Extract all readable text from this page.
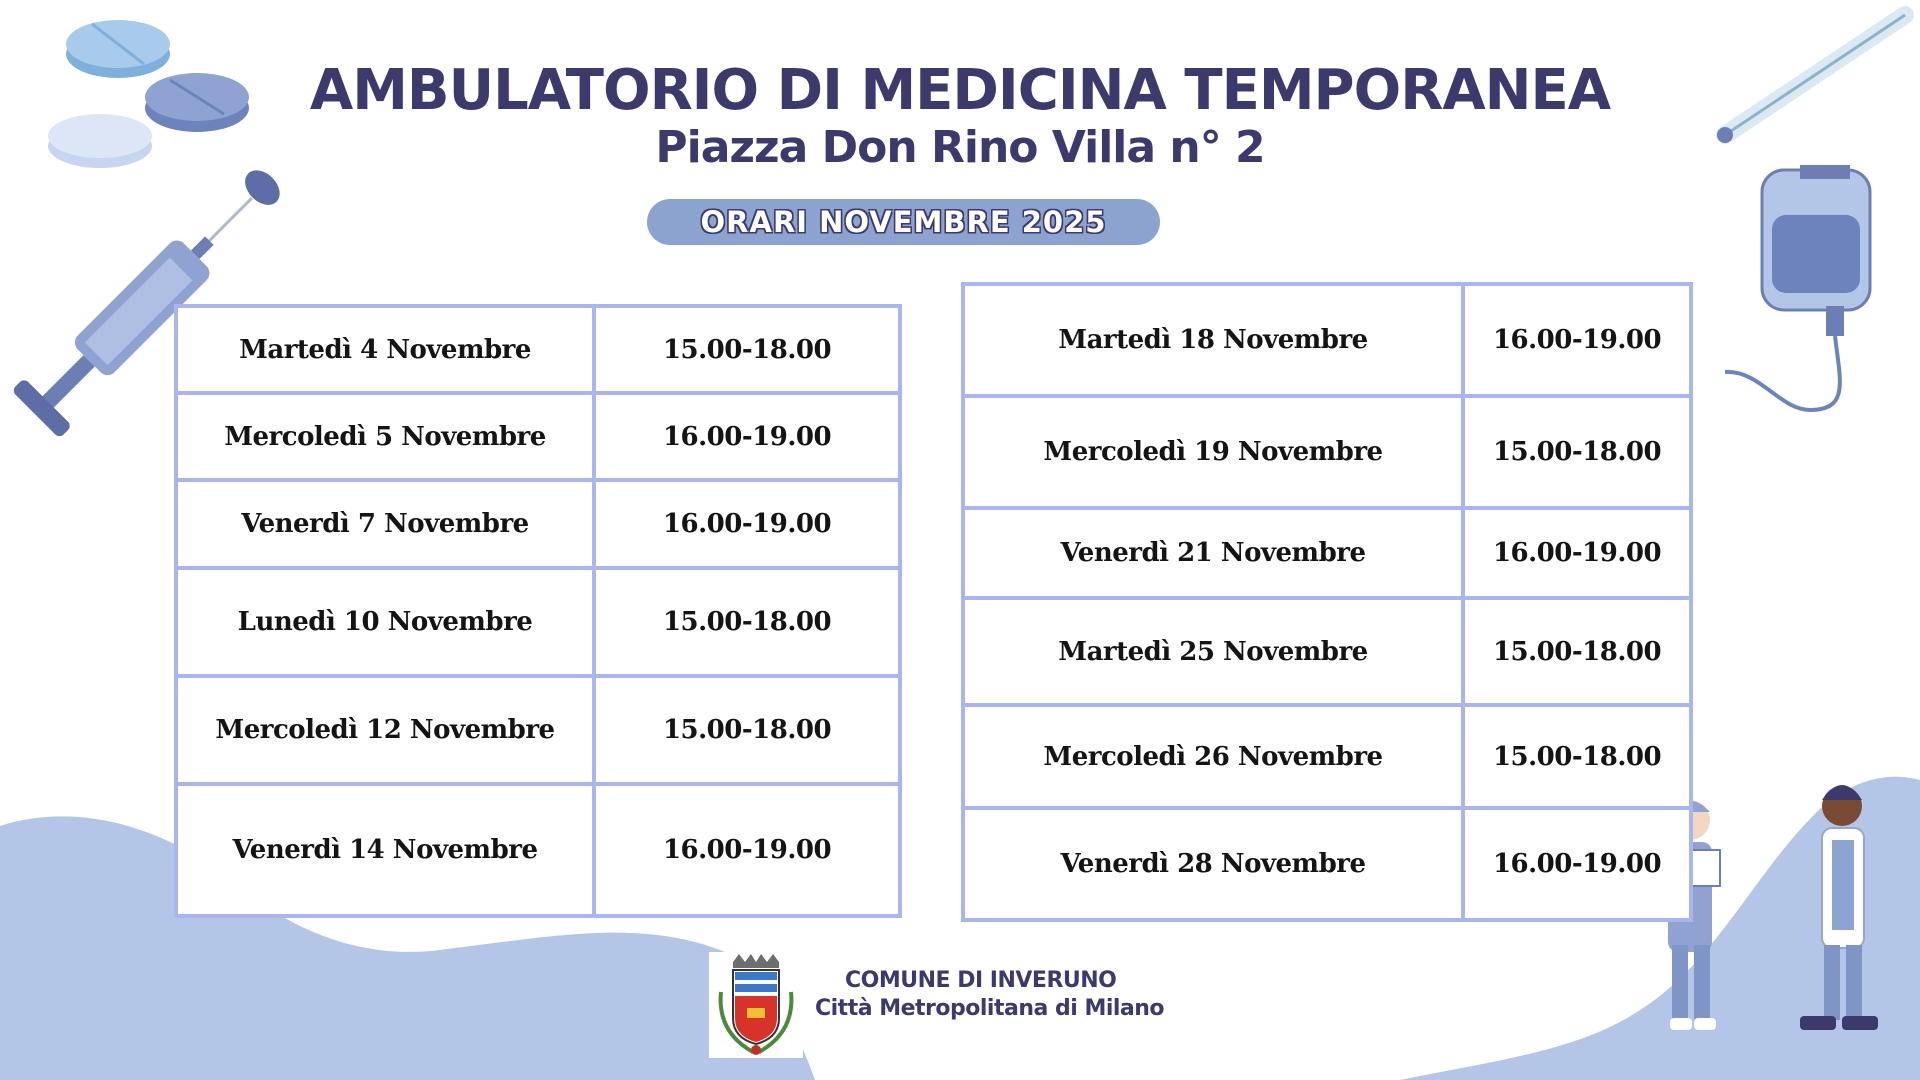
AMBULATORIO DI MEDICINA TEMPORANEA
Piazza Don Rino Villa n° 2
ORARI NOVEMBRE 2025
Martedì 4 Novembre	15.00-18.00
Mercoledì 5 Novembre	16.00-19.00
Venerdì 7 Novembre	16.00-19.00
Lunedì 10 Novembre	15.00-18.00
Mercoledì 12 Novembre	15.00-18.00
Venerdì 14 Novembre	16.00-19.00
Martedì 18 Novembre	16.00-19.00
Mercoledì 19 Novembre	15.00-18.00
Venerdì 21 Novembre	16.00-19.00
Martedì 25 Novembre	15.00-18.00
Mercoledì 26 Novembre	15.00-18.00
Venerdì 28 Novembre	16.00-19.00
COMUNE DI INVERUNO
Città Metropolitana di Milano
